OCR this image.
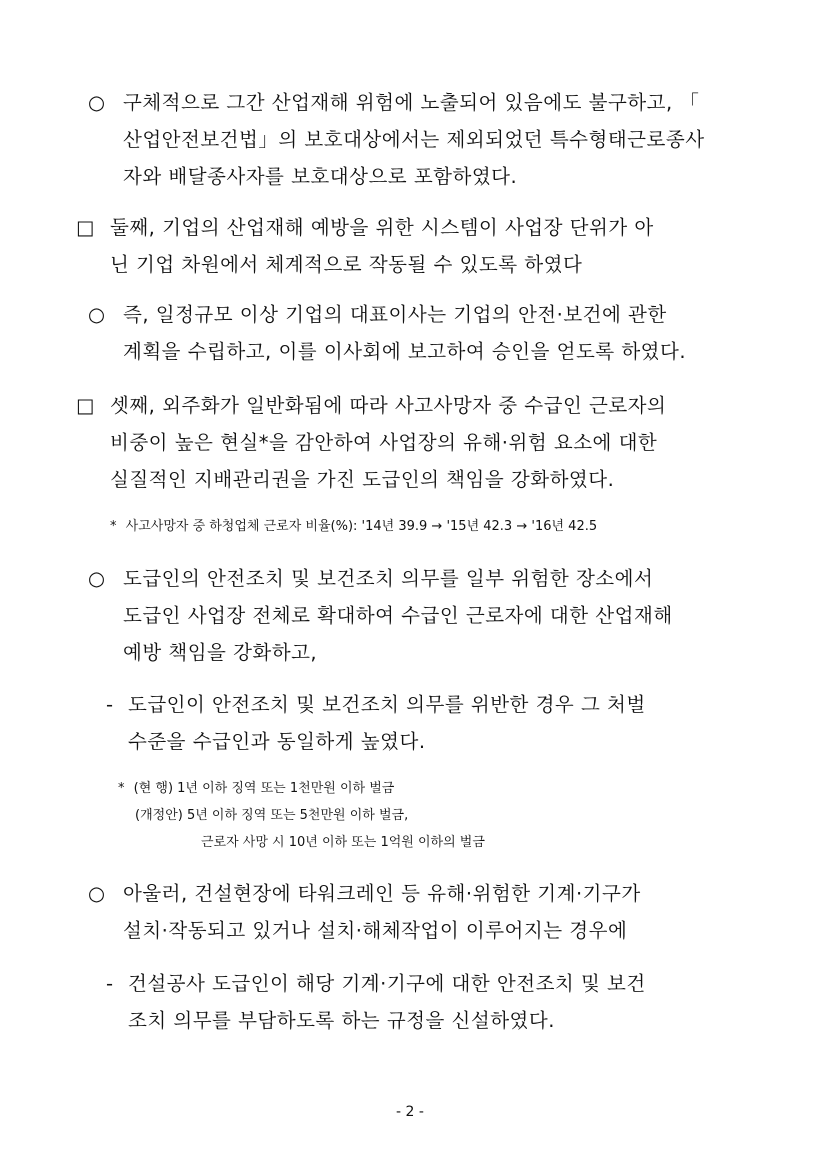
○ 구체적으로 그간 산업재해 위험에 노출되어 있음에도 불구하고, 「
산업안전보건법」의 보호대상에서는 제외되었던 특수형태근로종사
자와 배달종사자를 보호대상으로 포함하였다.
□ 둘째, 기업의 산업재해 예방을 위한 시스템이 사업장 단위가 아
닌 기업 차원에서 체계적으로 작동될 수 있도록 하였다
○ 즉, 일정규모 이상 기업의 대표이사는 기업의 안전·보건에 관한
계획을 수립하고, 이를 이사회에 보고하여 승인을 얻도록 하였다.
□ 셋째, 외주화가 일반화됨에 따라 사고사망자 중 수급인 근로자의
비중이 높은 현실*을 감안하여 사업장의 유해·위험 요소에 대한
실질적인 지배관리권을 가진 도급인의 책임을 강화하였다.
* 사고사망자 중 하청업체 근로자 비율(%): '14년 39.9 → '15년 42.3 → '16년 42.5
○ 도급인의 안전조치 및 보건조치 의무를 일부 위험한 장소에서
도급인 사업장 전체로 확대하여 수급인 근로자에 대한 산업재해
예방 책임을 강화하고,
- 도급인이 안전조치 및 보건조치 의무를 위반한 경우 그 처벌
수준을 수급인과 동일하게 높였다.
* (현 행) 1년 이하 징역 또는 1천만원 이하 벌금
(개정안) 5년 이하 징역 또는 5천만원 이하 벌금,
근로자 사망 시 10년 이하 또는 1억원 이하의 벌금
○ 아울러, 건설현장에 타워크레인 등 유해·위험한 기계·기구가
설치·작동되고 있거나 설치·해체작업이 이루어지는 경우에
- 건설공사 도급인이 해당 기계·기구에 대한 안전조치 및 보건
조치 의무를 부담하도록 하는 규정을 신설하였다.
- 2 -
